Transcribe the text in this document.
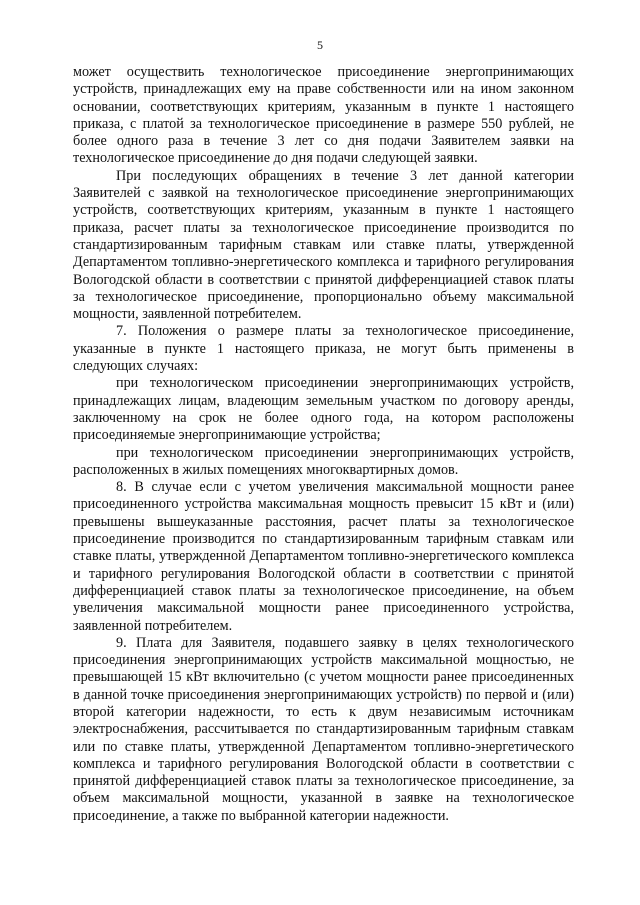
5

может осуществить технологическое присоединение энергопринимающих устройств, принадлежащих ему на праве собственности или на ином законном основании, соответствующих критериям, указанным в пункте 1 настоящего приказа, с платой за технологическое присоединение в размере 550 рублей, не более одного раза в течение 3 лет со дня подачи Заявителем заявки на технологическое присоединение до дня подачи следующей заявки.

При последующих обращениях в течение 3 лет данной категории Заявителей с заявкой на технологическое присоединение энергопринимающих устройств, соответствующих критериям, указанным в пункте 1 настоящего приказа, расчет платы за технологическое присоединение производится по стандартизированным тарифным ставкам или ставке платы, утвержденной Департаментом топливно-энергетического комплекса и тарифного регулирования Вологодской области в соответствии с принятой дифференциацией ставок платы за технологическое присоединение, пропорционально объему максимальной мощности, заявленной потребителем.

7. Положения о размере платы за технологическое присоединение, указанные в пункте 1 настоящего приказа, не могут быть применены в следующих случаях:

при технологическом присоединении энергопринимающих устройств, принадлежащих лицам, владеющим земельным участком по договору аренды, заключенному на срок не более одного года, на котором расположены присоединяемые энергопринимающие устройства;

при технологическом присоединении энергопринимающих устройств, расположенных в жилых помещениях многоквартирных домов.

8. В случае если с учетом увеличения максимальной мощности ранее присоединенного устройства максимальная мощность превысит 15 кВт и (или) превышены вышеуказанные расстояния, расчет платы за технологическое присоединение производится по стандартизированным тарифным ставкам или ставке платы, утвержденной Департаментом топливно-энергетического комплекса и тарифного регулирования Вологодской области в соответствии с принятой дифференциацией ставок платы за технологическое присоединение, на объем увеличения максимальной мощности ранее присоединенного устройства, заявленной потребителем.

9. Плата для Заявителя, подавшего заявку в целях технологического присоединения энергопринимающих устройств максимальной мощностью, не превышающей 15 кВт включительно (с учетом мощности ранее присоединенных в данной точке присоединения энергопринимающих устройств) по первой и (или) второй категории надежности, то есть к двум независимым источникам электроснабжения, рассчитывается по стандартизированным тарифным ставкам или по ставке платы, утвержденной Департаментом топливно-энергетического комплекса и тарифного регулирования Вологодской области в соответствии с принятой дифференциацией ставок платы за технологическое присоединение, за объем максимальной мощности, указанной в заявке на технологическое присоединение, а также по выбранной категории надежности.
